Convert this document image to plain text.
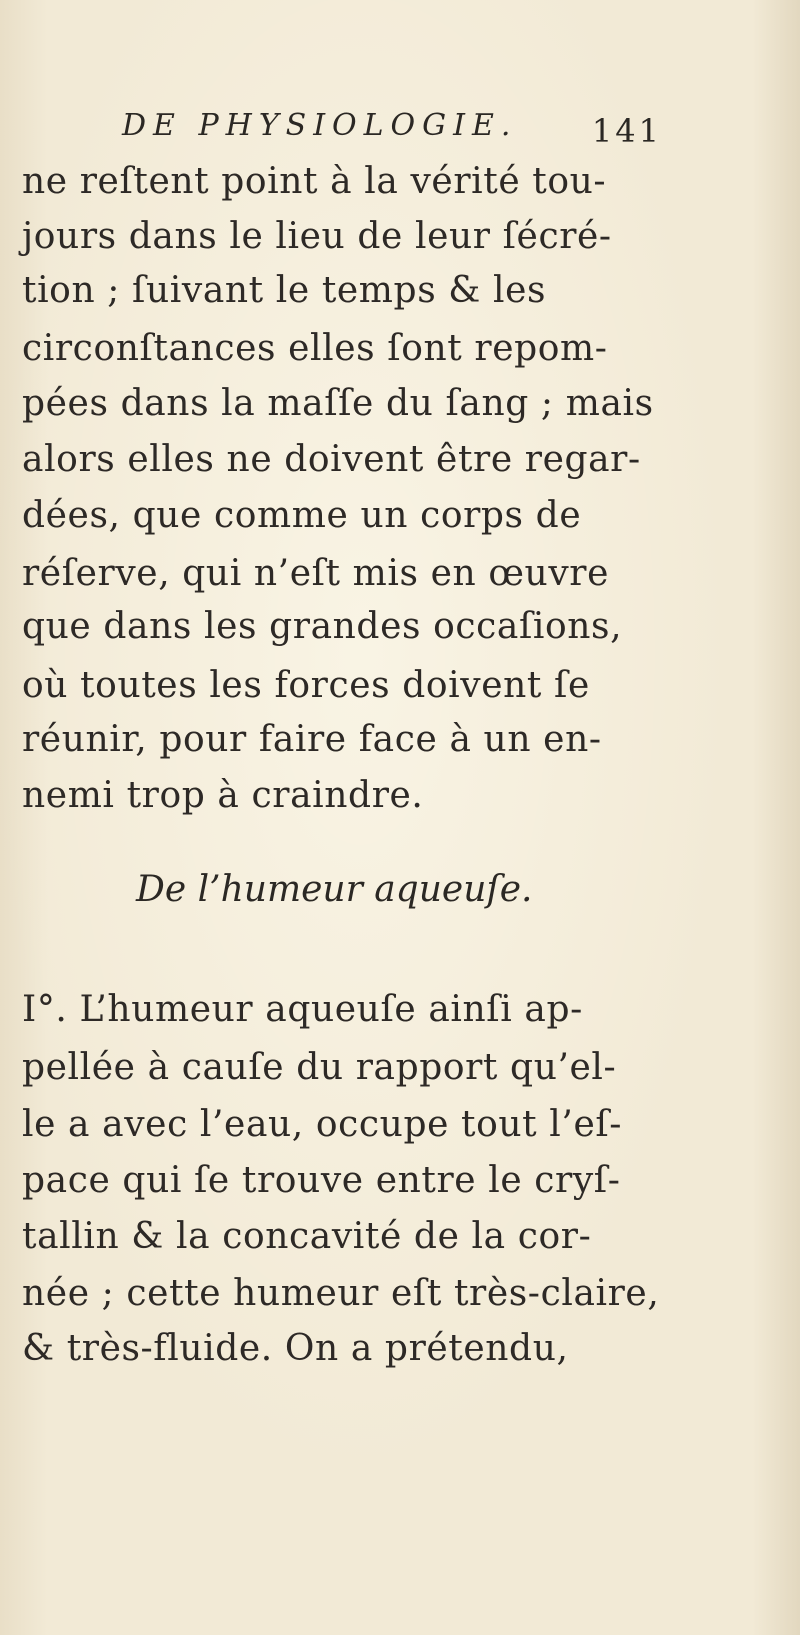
DE PHYSIOLOGIE. 141
ne reſtent point à la vérité tou-
jours dans le lieu de leur ſécré-
tion ; ſuivant le temps & les
circonſtances elles ſont repom-
pées dans la maſſe du ſang ; mais
alors elles ne doivent être regar-
dées, que comme un corps de
réſerve, qui n’eſt mis en œuvre
que dans les grandes occaſions,
où toutes les forces doivent ſe
réunir, pour faire face à un en-
nemi trop à craindre.
De l’humeur aqueuſe.
I°. L’humeur aqueuſe ainſi ap-
pellée à cauſe du rapport qu’el-
le a avec l’eau, occupe tout l’eſ-
pace qui ſe trouve entre le cryſ-
tallin & la concavité de la cor-
née ; cette humeur eſt très-claire,
& très-fluide. On a prétendu,
